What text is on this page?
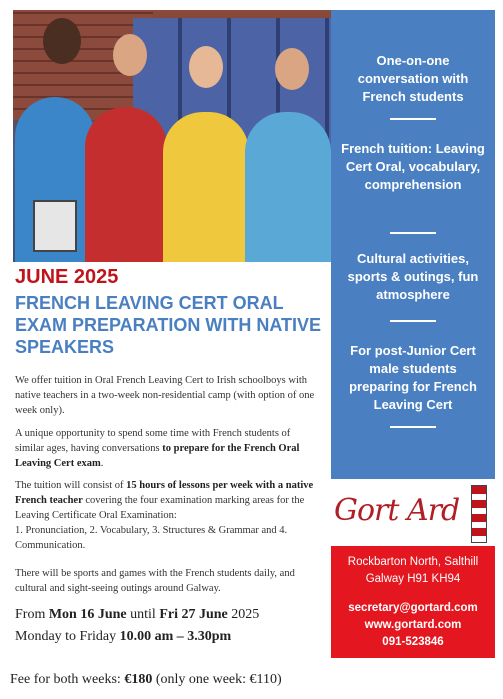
One-on-one conversation with French students
French tuition: Leaving Cert Oral, vocabulary, comprehension
Cultural activities, sports & outings, fun atmosphere
For post-Junior Cert male students preparing for French Leaving Cert
JUNE 2025
FRENCH LEAVING CERT ORAL EXAM PREPARATION WITH NATIVE SPEAKERS
We offer tuition in Oral French Leaving Cert to Irish schoolboys with native teachers in a two-week non-residential camp (with option of one week only).
A unique opportunity to spend some time with French students of similar ages, having conversations to prepare for the French Oral Leaving Cert exam.
The tuition will consist of 15 hours of lessons per week with a native French teacher covering the four examination marking areas for the Leaving Certificate Oral Examination:
1. Pronunciation, 2. Vocabulary, 3. Structures & Grammar and 4. Communication.
There will be sports and games with the French students daily, and cultural and sight-seeing outings around Galway.
From Mon 16 June until Fri 27 June 2025
Monday to Friday 10.00 am – 3.30pm
Fee for both weeks: €180 (only one week: €110)
Gort Ard
Rockbarton North, Salthill
Galway H91 KH94
secretary@gortard.com
www.gortard.com
091-523846
